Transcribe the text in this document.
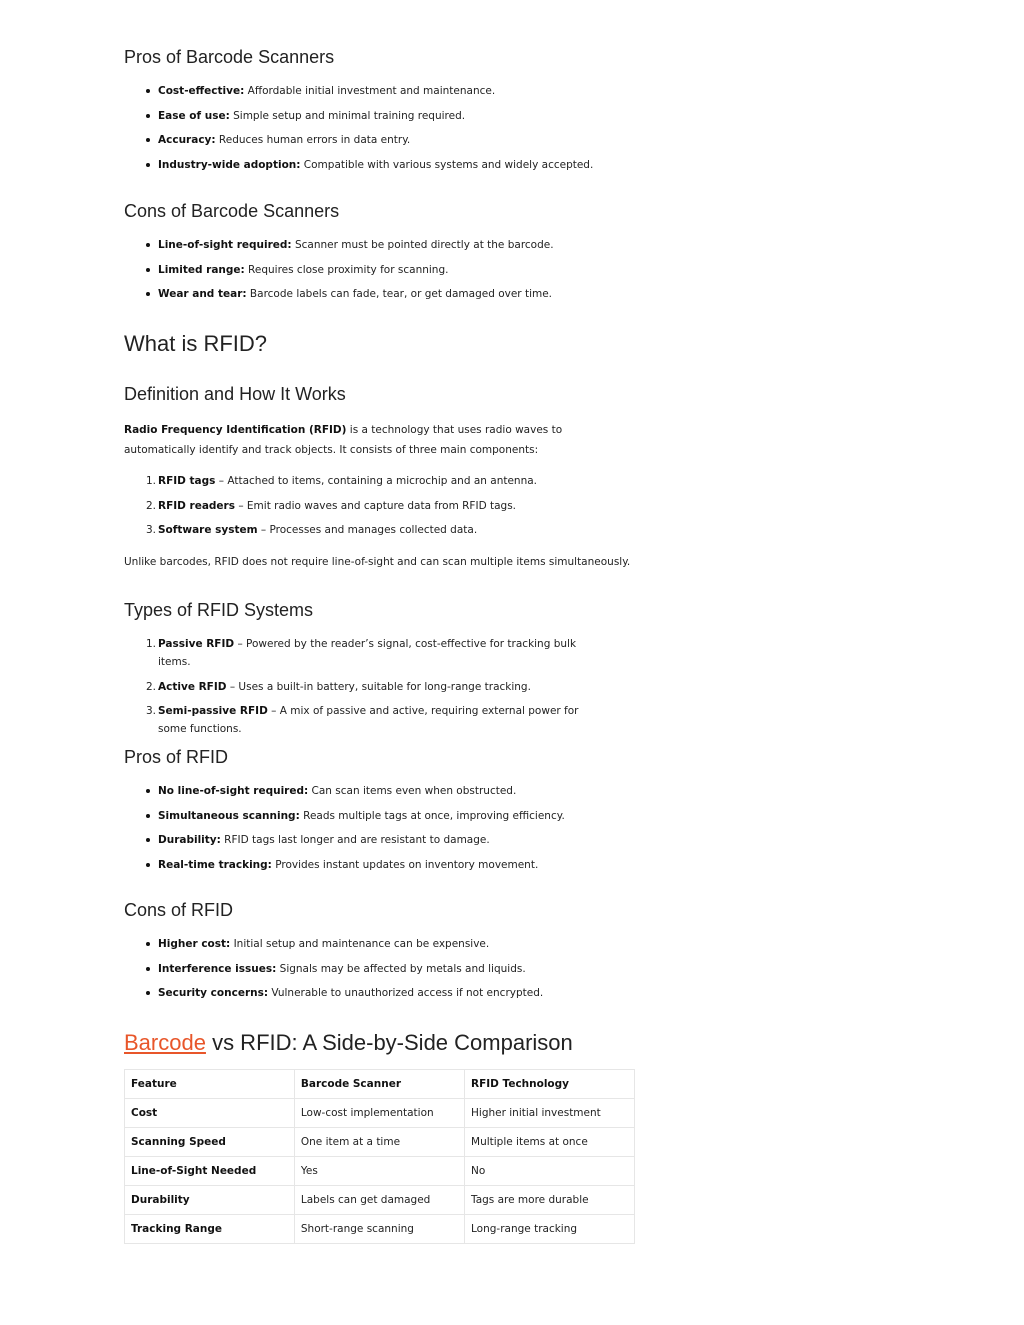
Pros of Barcode Scanners
Cost-effective: Affordable initial investment and maintenance.
Ease of use: Simple setup and minimal training required.
Accuracy: Reduces human errors in data entry.
Industry-wide adoption: Compatible with various systems and widely accepted.
Cons of Barcode Scanners
Line-of-sight required: Scanner must be pointed directly at the barcode.
Limited range: Requires close proximity for scanning.
Wear and tear: Barcode labels can fade, tear, or get damaged over time.
What is RFID?
Definition and How It Works

Radio Frequency Identification (RFID) is a technology that uses radio waves to automatically identify and track objects. It consists of three main components:

1. RFID tags – Attached to items, containing a microchip and an antenna.
2. RFID readers – Emit radio waves and capture data from RFID tags.
3. Software system – Processes and manages collected data.

Unlike barcodes, RFID does not require line-of-sight and can scan multiple items simultaneously.

Types of RFID Systems
1. Passive RFID – Powered by the reader’s signal, cost-effective for tracking bulk items.
2. Active RFID – Uses a built-in battery, suitable for long-range tracking.
3. Semi-passive RFID – A mix of passive and active, requiring external power for some functions.
Pros of RFID
No line-of-sight required: Can scan items even when obstructed.
Simultaneous scanning: Reads multiple tags at once, improving efficiency.
Durability: RFID tags last longer and are resistant to damage.
Real-time tracking: Provides instant updates on inventory movement.
Cons of RFID
Higher cost: Initial setup and maintenance can be expensive.
Interference issues: Signals may be affected by metals and liquids.
Security concerns: Vulnerable to unauthorized access if not encrypted.
Barcode vs RFID: A Side-by-Side Comparison
Feature	Barcode Scanner	RFID Technology
Cost	Low-cost implementation	Higher initial investment
Scanning Speed	One item at a time	Multiple items at once
Line-of-Sight Needed	Yes	No
Durability	Labels can get damaged	Tags are more durable
Tracking Range	Short-range scanning	Long-range tracking
